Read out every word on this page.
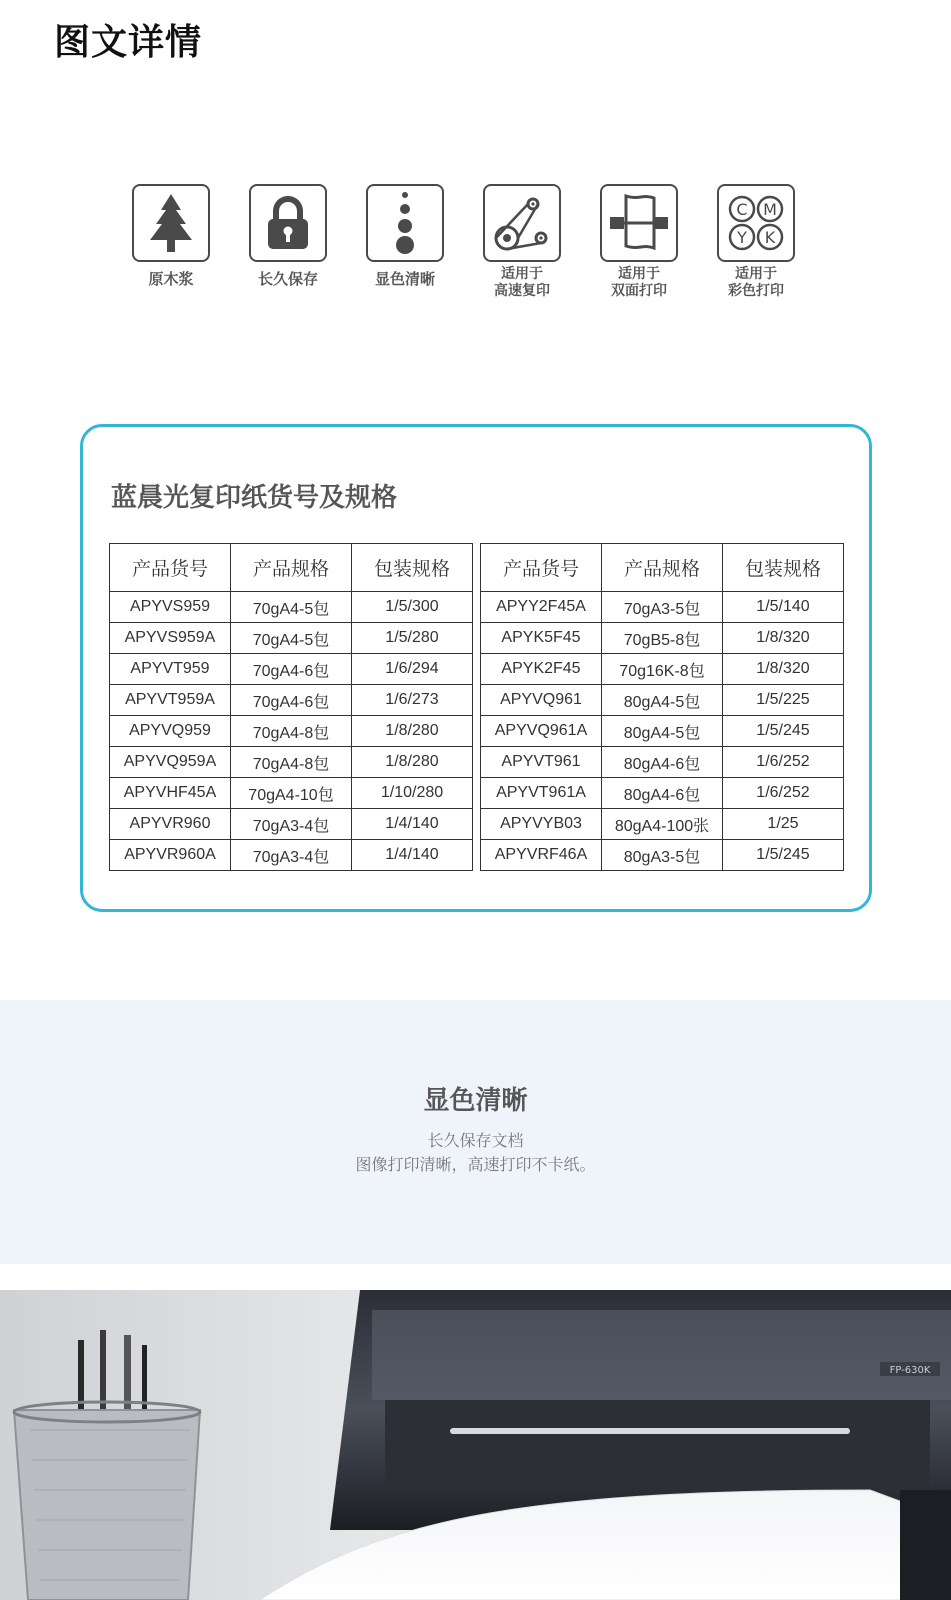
图文详情
原木浆	长久保存	显色清晰	适用于
高速复印
适用于
双面打印
C M
Y K
适用于
彩色打印
蓝晨光复印纸货号及规格
产品货号	产品规格	包装规格
APYVS959	70gA4-5包	1/5/300
APYVS959A	70gA4-5包	1/5/280
APYVT959	70gA4-6包	1/6/294
APYVT959A	70gA4-6包	1/6/273
APYVQ959	70gA4-8包	1/8/280
APYVQ959A	70gA4-8包	1/8/280
APYVHF45A	70gA4-10包	1/10/280
APYVR960	70gA3-4包	1/4/140
APYVR960A	70gA3-4包	1/4/140
产品货号	产品规格	包装规格
APYY2F45A	70gA3-5包	1/5/140
APYK5F45	70gB5-8包	1/8/320
APYK2F45	70g16K-8包	1/8/320
APYVQ961	80gA4-5包	1/5/225
APYVQ961A	80gA4-5包	1/5/245
APYVT961	80gA4-6包	1/6/252
APYVT961A	80gA4-6包	1/6/252
APYVYB03	80gA4-100张	1/25
APYVRF46A	80gA3-5包	1/5/245
显色清晰
长久保存文档
图像打印清晰，高速打印不卡纸。
FP-630K
